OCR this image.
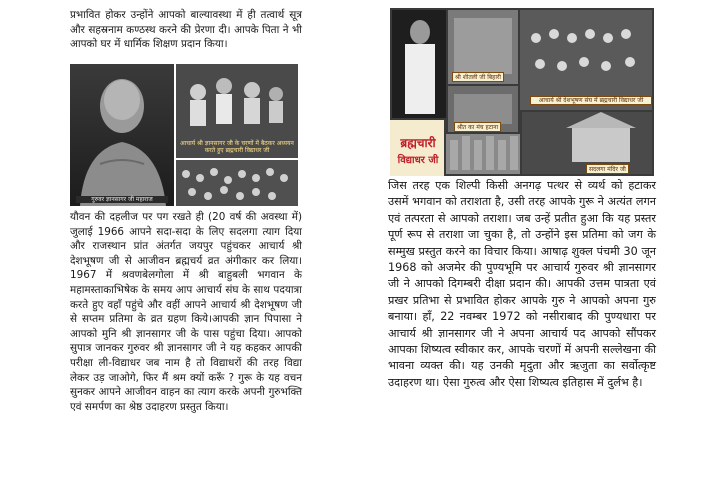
प्रभावित होकर उन्होंने आपको बाल्यावस्था में ही तत्वार्थ सूत्र और सहस्रनाम कण्ठस्थ करने की प्रेरणा दी। आपके पिता ने भी आपको घर में धार्मिक शिक्षण प्रदान किया।

गुरुवर ज्ञानसागर जी महाराज
आचार्य श्री ज्ञानसागर जी के चरणों में बैठकर अध्ययन करते हुए ब्रह्मचारी विद्याधर जी

यौवन की दहलीज पर पग रखते ही (20 वर्ष की अवस्था में) जुलाई 1966 आपने सदा-सदा के लिए सदलगा त्याग दिया और राजस्थान प्रांत अंतर्गत जयपुर पहुंचकर आचार्य श्री देशभूषण जी से आजीवन ब्रह्मचर्य व्रत अंगीकार कर लिया। 1967 में श्रवणबेलगोला में श्री बाहुबली भगवान के महामस्ताकाभिषेक के समय आप आचार्य संघ के साथ पदयात्रा करते हुए वहाँ पहुंचे और वहीं आपने आचार्य श्री देशभूषण जी से सप्तम प्रतिमा के व्रत ग्रहण किये।आपकी ज्ञान पिपासा ने आपको मुनि श्री ज्ञानसागर जी के पास पहुंचा दिया। आपको सुपात्र जानकर गुरुवर श्री ज्ञानसागर जी ने यह कहकर आपकी परीक्षा ली-विद्याधर जब नाम है तो विद्याधरों की तरह विद्या लेकर उड़ जाओगे, फिर मैं श्रम क्यों करूँ ? गुरू के यह वचन सुनकर आपने आजीवन वाहन का त्याग करके अपनी गुरुभक्ति एवं समर्पण का श्रेष्ठ उदाहरण प्रस्तुत किया।

ब्रह्मचारी
विद्याधर जी
श्री शीतली जी बिहारी
आचार्य श्री देशभूषण संघ में ब्रह्मचारी विद्याधर जी
श्रीत का मंच हटाना
सदलगा मंदिर जी

जिस तरह एक शिल्पी किसी अनगढ़ पत्थर से व्यर्थ को हटाकर उसमें भगवान को तराशता है, उसी तरह आपके गुरू ने अत्यंत लगन एवं तत्परता से आपको तराशा। जब उन्हें प्रतीत हुआ कि यह प्रस्तर पूर्ण रूप से तराशा जा चुका है, तो उन्होंने इस प्रतिमा को जग के सम्मुख प्रस्तुत करने का विचार किया। आषाढ़ शुक्ल पंचमी 30 जून 1968 को अजमेर की पुण्यभूमि पर आचार्य गुरुवर श्री ज्ञानसागर जी ने आपको दिगम्बरी दीक्षा प्रदान की। आपकी उत्तम पात्रता एवं प्रखर प्रतिभा से प्रभावित होकर आपके गुरु ने आपको अपना गुरु बनाया। हाँ, 22 नवम्बर 1972 को नसीराबाद की पुण्यधारा पर आचार्य श्री ज्ञानसागर जी ने अपना आचार्य पद आपको सौंपकर आपका शिष्यत्व स्वीकार कर, आपके चरणों में अपनी सल्लेखना की भावना व्यक्त की। यह उनकी मृदुता और ऋजुता का सर्वोत्कृष्ट उदाहरण था। ऐसा गुरुत्व और ऐसा शिष्यत्व इतिहास में दुर्लभ है।
